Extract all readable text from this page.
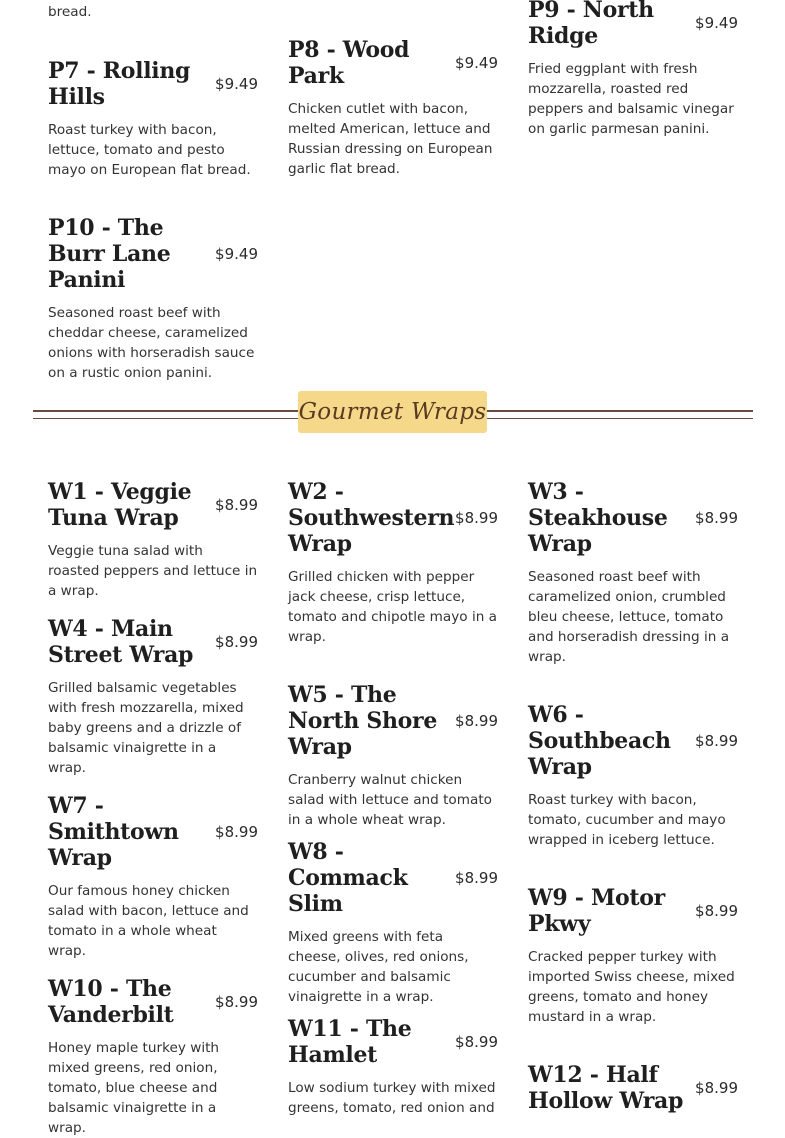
bread.
P7 - Rolling Hills	$9.49

Roast turkey with bacon, lettuce, tomato and pesto mayo on European flat bread.

P10 - The Burr Lane Panini
$9.49

Seasoned roast beef with cheddar cheese, caramelized onions with horseradish sauce on a rustic onion panini.

W1 - Veggie Tuna Wrap	$8.99

Veggie tuna salad with roasted peppers and lettuce in a wrap.

W4 - Main Street Wrap	$8.99

Grilled balsamic vegetables with fresh mozzarella, mixed baby greens and a drizzle of balsamic vinaigrette in a wrap.

W7 - Smithtown Wrap
$8.99

Our famous honey chicken salad with bacon, lettuce and tomato in a whole wheat wrap.

W10 - The Vanderbilt	$8.99

Honey maple turkey with mixed greens, red onion, tomato, blue cheese and balsamic vinaigrette in a wrap.

P8 - Wood Park	$9.49

Chicken cutlet with bacon, melted American, lettuce and Russian dressing on European garlic flat bread.

W2 - Southwestern Wrap
$8.99

Grilled chicken with pepper jack cheese, crisp lettuce, tomato and chipotle mayo in a wrap.

W5 - The North Shore Wrap
$8.99

Cranberry walnut chicken salad with lettuce and tomato in a whole wheat wrap.

W8 - Commack Slim
$8.99

Mixed greens with feta cheese, olives, red onions, cucumber and balsamic vinaigrette in a wrap.

W11 - The Hamlet	$8.99

Low sodium turkey with mixed greens, tomato, red onion and

P9 - North Ridge	$9.49

Fried eggplant with fresh mozzarella, roasted red peppers and balsamic vinegar on garlic parmesan panini.

W3 - Steakhouse Wrap
$8.99

Seasoned roast beef with caramelized onion, crumbled bleu cheese, lettuce, tomato and horseradish dressing in a wrap.

W6 - Southbeach Wrap
$8.99

Roast turkey with bacon, tomato, cucumber and mayo wrapped in iceberg lettuce.

W9 - Motor Pkwy	$8.99

Cracked pepper turkey with imported Swiss cheese, mixed greens, tomato and honey mustard in a wrap.

W12 - Half Hollow Wrap $8.99
Gourmet Wraps
